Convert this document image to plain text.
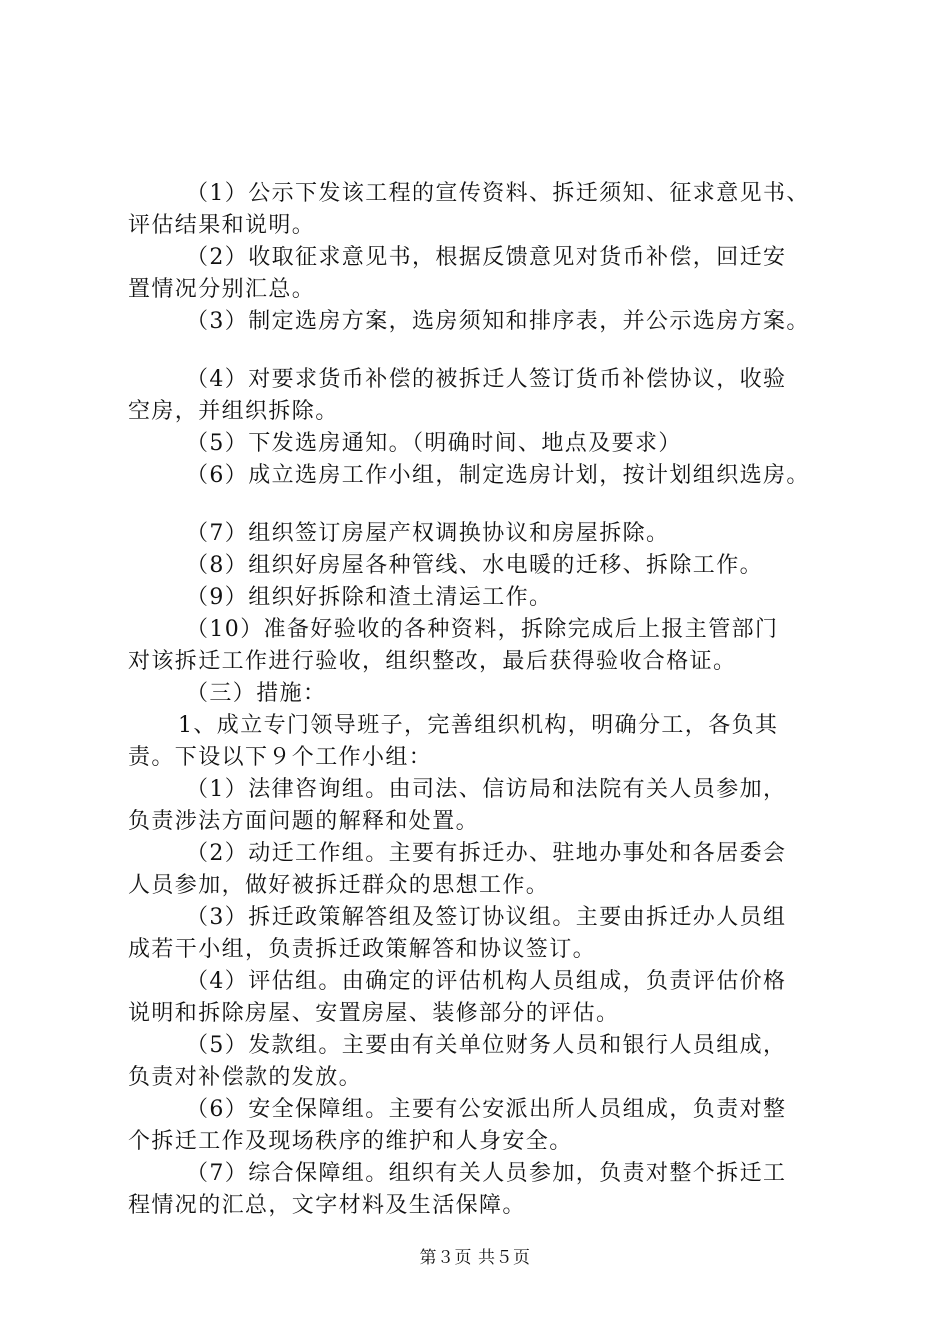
（1）公示下发该工程的宣传资料、拆迁须知、征求意见书、
评估结果和说明。
（2）收取征求意见书，根据反馈意见对货币补偿，回迁安
置情况分别汇总。
（3）制定选房方案，选房须知和排序表，并公示选房方案。
（4）对要求货币补偿的被拆迁人签订货币补偿协议，收验
空房，并组织拆除。
（5）下发选房通知。（明确时间、地点及要求）
（6）成立选房工作小组，制定选房计划，按计划组织选房。
（7）组织签订房屋产权调换协议和房屋拆除。
（8）组织好房屋各种管线、水电暖的迁移、拆除工作。
（9）组织好拆除和渣土清运工作。
（10）准备好验收的各种资料，拆除完成后上报主管部门
对该拆迁工作进行验收，组织整改，最后获得验收合格证。
（三）措施：
1、成立专门领导班子，完善组织机构，明确分工，各负其
责。下设以下９个工作小组：
（1）法律咨询组。由司法、信访局和法院有关人员参加，
负责涉法方面问题的解释和处置。
（2）动迁工作组。主要有拆迁办、驻地办事处和各居委会
人员参加，做好被拆迁群众的思想工作。
（3）拆迁政策解答组及签订协议组。主要由拆迁办人员组
成若干小组，负责拆迁政策解答和协议签订。
（4）评估组。由确定的评估机构人员组成，负责评估价格
说明和拆除房屋、安置房屋、装修部分的评估。
（5）发款组。主要由有关单位财务人员和银行人员组成，
负责对补偿款的发放。
（6）安全保障组。主要有公安派出所人员组成，负责对整
个拆迁工作及现场秩序的维护和人身安全。
（7）综合保障组。组织有关人员参加，负责对整个拆迁工
程情况的汇总，文字材料及生活保障。
第３页 共５页
